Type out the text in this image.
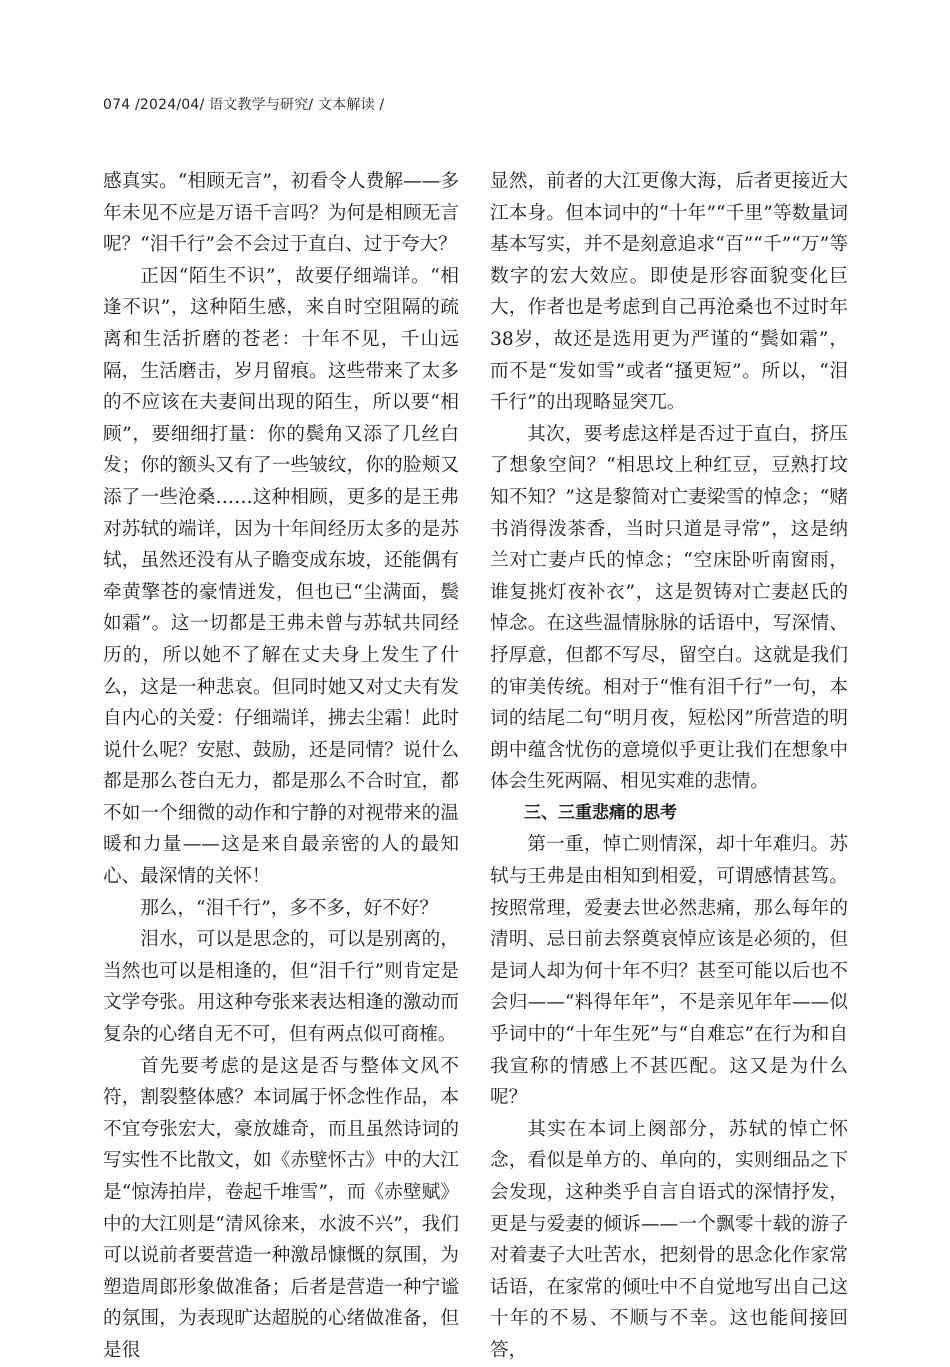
074 /2024/04/ 语文教学与研究/ 文本解读 /

感真实。“相顾无言”，初看令人费解——多年未见不应是万语千言吗？为何是相顾无言呢？“泪千行”会不会过于直白、过于夸大？

正因“陌生不识”，故要仔细端详。“相逢不识”，这种陌生感，来自时空阻隔的疏离和生活折磨的苍老：十年不见，千山远隔，生活磨击，岁月留痕。这些带来了太多的不应该在夫妻间出现的陌生，所以要“相顾”，要细细打量：你的鬓角又添了几丝白发；你的额头又有了一些皱纹，你的脸颊又添了一些沧桑……这种相顾，更多的是王弗对苏轼的端详，因为十年间经历太多的是苏轼，虽然还没有从子瞻变成东坡，还能偶有牵黄擎苍的豪情迸发，但也已“尘满面，鬓如霜”。这一切都是王弗未曾与苏轼共同经历的，所以她不了解在丈夫身上发生了什么，这是一种悲哀。但同时她又对丈夫有发自内心的关爱：仔细端详，拂去尘霜！此时说什么呢？安慰、鼓励，还是同情？说什么都是那么苍白无力，都是那么不合时宜，都不如一个细微的动作和宁静的对视带来的温暖和力量——这是来自最亲密的人的最知心、最深情的关怀！

那么，“泪千行”，多不多，好不好？

泪水，可以是思念的，可以是别离的，当然也可以是相逢的，但“泪千行”则肯定是文学夸张。用这种夸张来表达相逢的激动而复杂的心绪自无不可，但有两点似可商榷。

首先要考虑的是这是否与整体文风不符，割裂整体感？本词属于怀念性作品，本不宜夸张宏大，豪放雄奇，而且虽然诗词的写实性不比散文，如《赤壁怀古》中的大江是“惊涛拍岸，卷起千堆雪”，而《赤壁赋》中的大江则是“清风徐来，水波不兴”，我们可以说前者要营造一种激昂慷慨的氛围，为塑造周郎形象做准备；后者是营造一种宁谧的氛围，为表现旷达超脱的心绪做准备，但是很

显然，前者的大江更像大海，后者更接近大江本身。但本词中的“十年”“千里”等数量词基本写实，并不是刻意追求“百”“千”“万”等数字的宏大效应。即使是形容面貌变化巨大，作者也是考虑到自己再沧桑也不过时年38岁，故还是选用更为严谨的“鬓如霜”，而不是“发如雪”或者“搔更短”。所以，“泪千行”的出现略显突兀。

其次，要考虑这样是否过于直白，挤压了想象空间？“相思坟上种红豆，豆熟打坟知不知？”这是黎简对亡妻梁雪的悼念；“赌书消得泼茶香，当时只道是寻常”，这是纳兰对亡妻卢氏的悼念；“空床卧听南窗雨，谁复挑灯夜补衣”，这是贺铸对亡妻赵氏的悼念。在这些温情脉脉的话语中，写深情、抒厚意，但都不写尽，留空白。这就是我们的审美传统。相对于“惟有泪千行”一句，本词的结尾二句“明月夜，短松冈”所营造的明朗中蕴含忧伤的意境似乎更让我们在想象中体会生死两隔、相见实难的悲情。

三、三重悲痛的思考

第一重，悼亡则情深，却十年难归。苏轼与王弗是由相知到相爱，可谓感情甚笃。按照常理，爱妻去世必然悲痛，那么每年的清明、忌日前去祭奠哀悼应该是必须的，但是词人却为何十年不归？甚至可能以后也不会归——“料得年年”，不是亲见年年——似乎词中的“十年生死”与“自难忘”在行为和自我宣称的情感上不甚匹配。这又是为什么呢？

其实在本词上阕部分，苏轼的悼亡怀念，看似是单方的、单向的，实则细品之下会发现，这种类乎自言自语式的深情抒发，更是与爱妻的倾诉——一个飘零十载的游子对着妻子大吐苦水，把刻骨的思念化作家常话语，在家常的倾吐中不自觉地写出自己这十年的不易、不顺与不幸。这也能间接回答，
